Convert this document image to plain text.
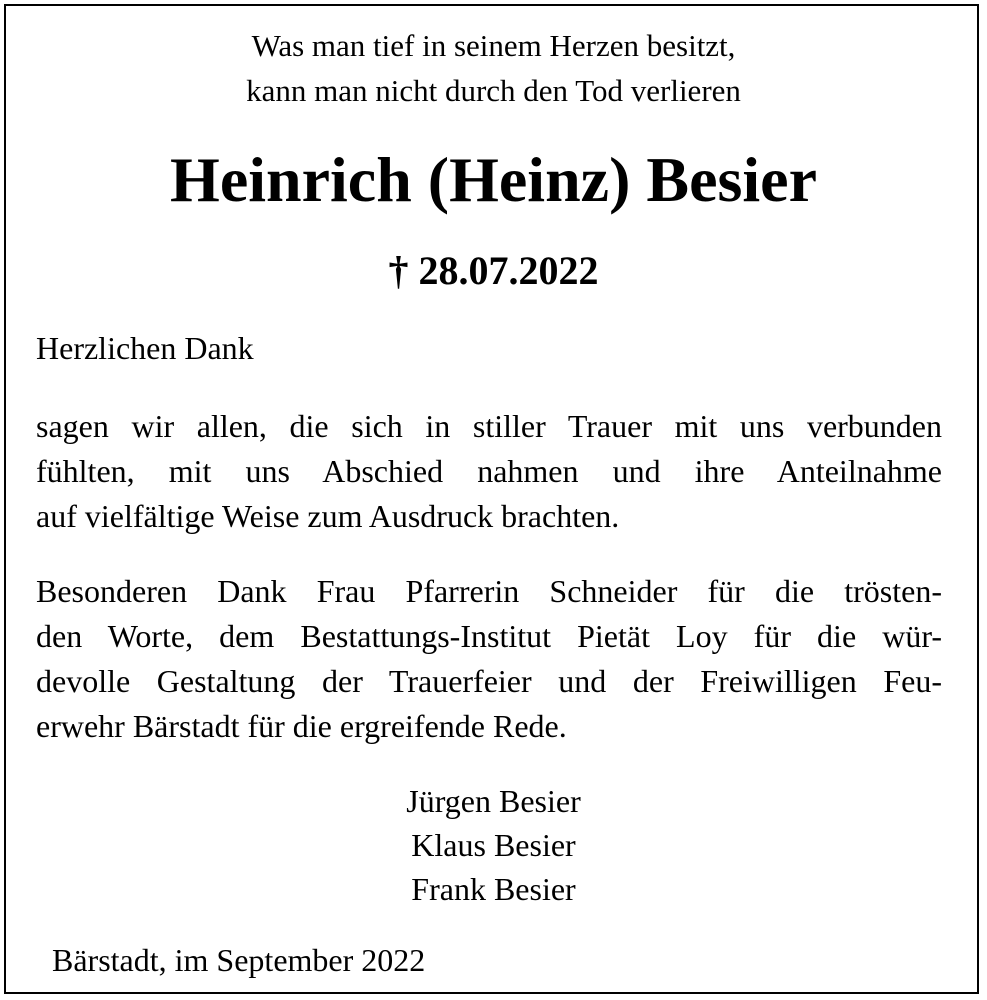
Was man tief in seinem Herzen besitzt,
kann man nicht durch den Tod verlieren
Heinrich (Heinz) Besier
† 28.07.2022
Herzlichen Dank
sagen wir allen, die sich in stiller Trauer mit uns verbunden
fühlten, mit uns Abschied nahmen und ihre Anteilnahme
auf vielfältige Weise zum Ausdruck brachten.
Besonderen Dank Frau Pfarrerin Schneider für die trösten-
den Worte, dem Bestattungs-Institut Pietät Loy für die wür-
devolle Gestaltung der Trauerfeier und der Freiwilligen Feu-
erwehr Bärstadt für die ergreifende Rede.
Jürgen Besier
Klaus Besier
Frank Besier
Bärstadt, im September 2022
